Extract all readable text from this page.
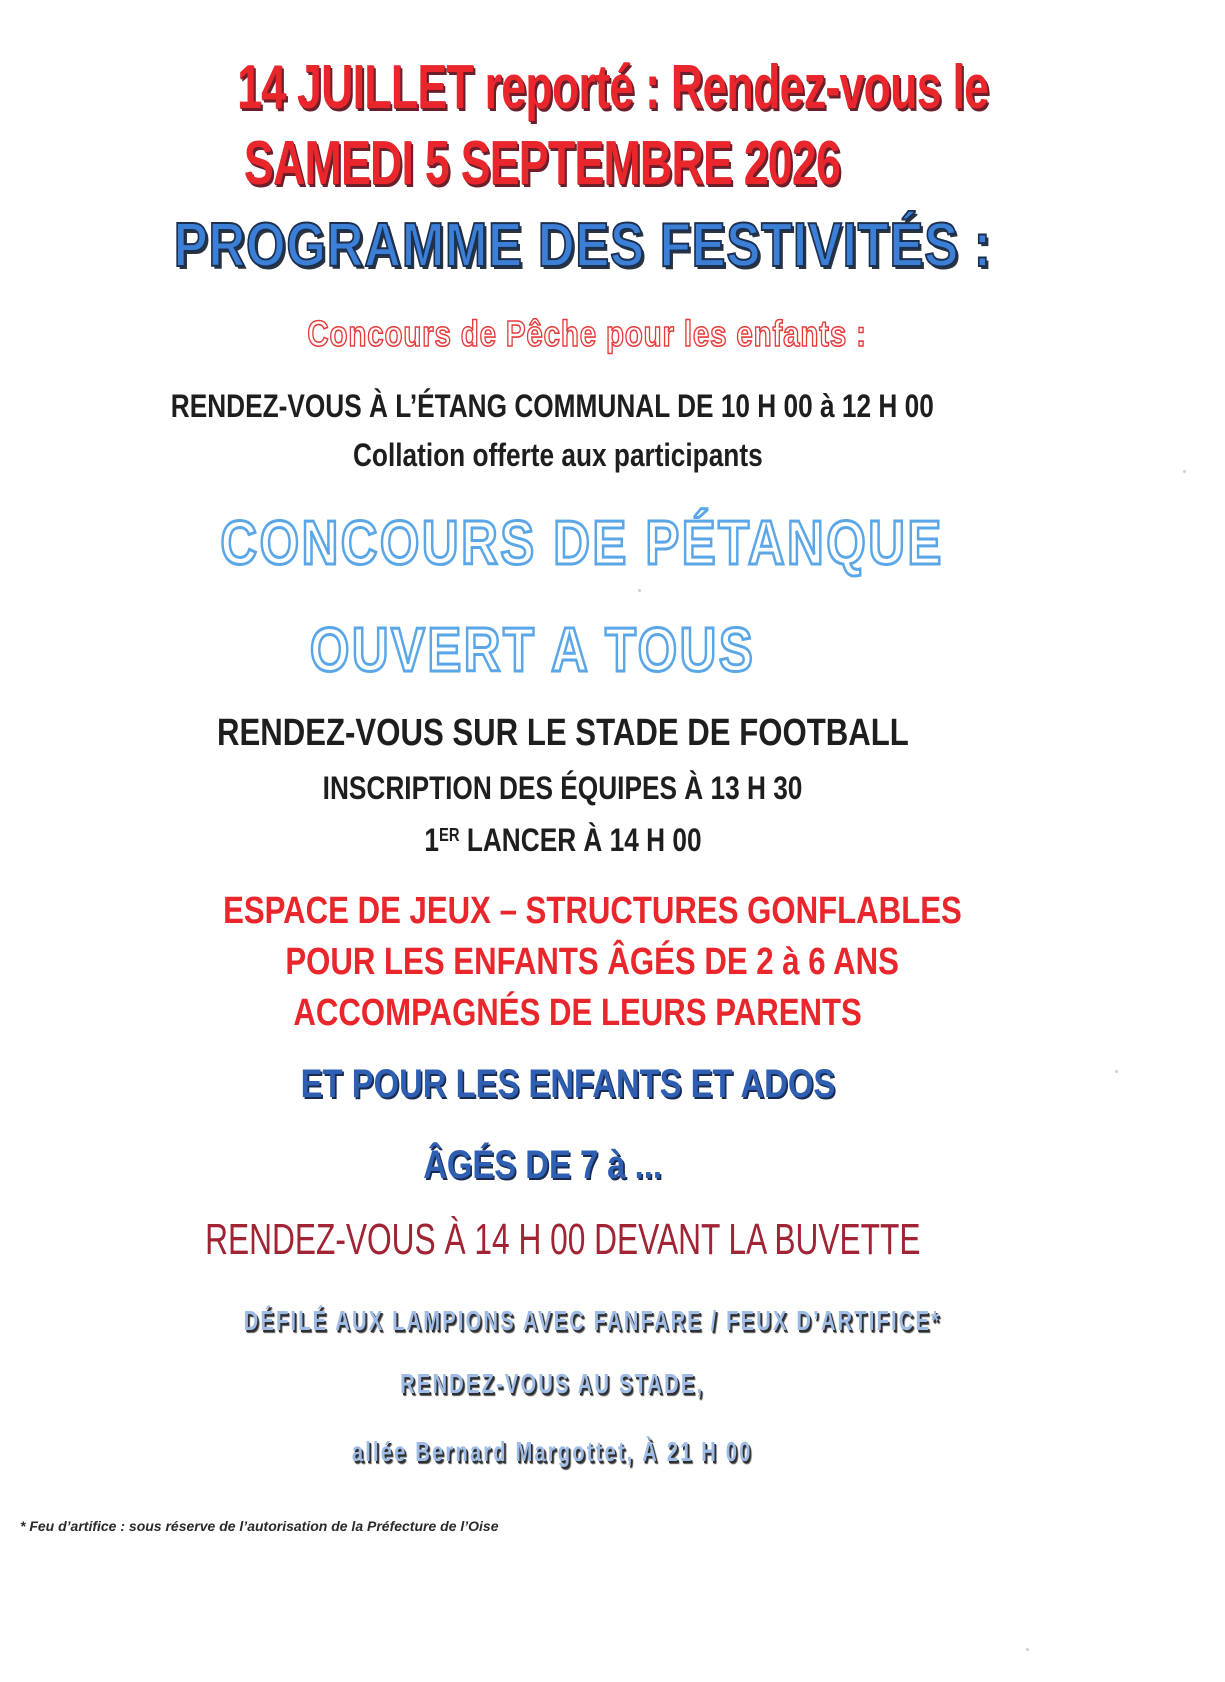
14 JUILLET reporté : Rendez-vous le

SAMEDI 5 SEPTEMBRE 2026

PROGRAMME DES FESTIVITÉS :

Concours de Pêche pour les enfants :

RENDEZ-VOUS À L’ÉTANG COMMUNAL DE 10 H 00 à 12 H 00

Collation offerte aux participants

CONCOURS DE PÉTANQUE

OUVERT A TOUS

RENDEZ-VOUS SUR LE STADE DE FOOTBALL

INSCRIPTION DES ÉQUIPES À 13 H 30

1ER LANCER À 14 H 00

ESPACE DE JEUX – STRUCTURES GONFLABLES

POUR LES ENFANTS ÂGÉS DE 2 à 6 ANS

ACCOMPAGNÉS DE LEURS PARENTS

ET POUR LES ENFANTS ET ADOS

ÂGÉS DE 7 à ...

RENDEZ-VOUS À 14 H 00 DEVANT LA BUVETTE

DÉFILÉ AUX LAMPIONS AVEC FANFARE / FEUX D’ARTIFICE*

RENDEZ-VOUS AU STADE,

allée Bernard Margottet, À 21 H 00

* Feu d’artifice : sous réserve de l’autorisation de la Préfecture de l’Oise
